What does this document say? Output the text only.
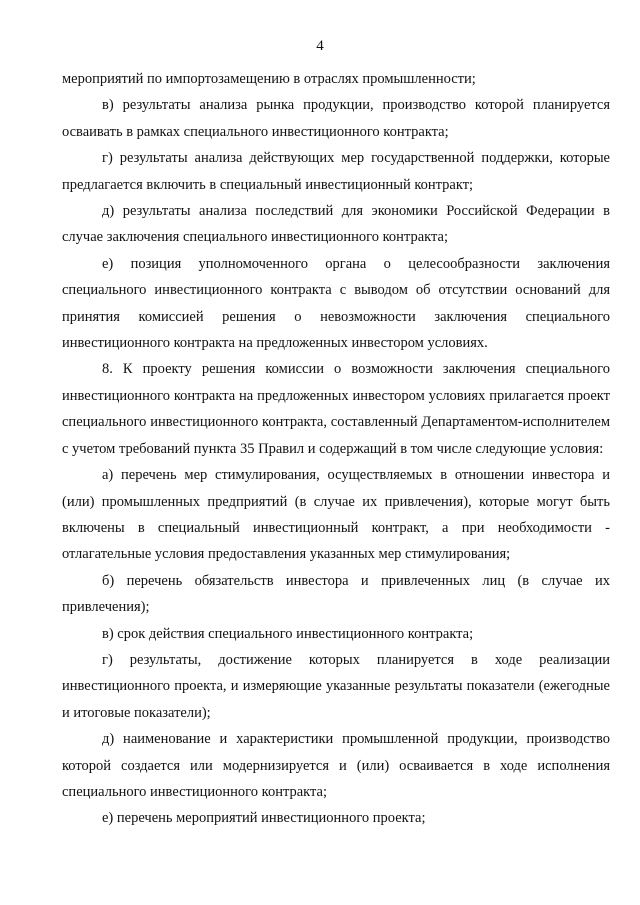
4

мероприятий по импортозамещению в отраслях промышленности;

в) результаты анализа рынка продукции, производство которой планируется осваивать в рамках специального инвестиционного контракта;

г) результаты анализа действующих мер государственной поддержки, которые предлагается включить в специальный инвестиционный контракт;

д) результаты анализа последствий для экономики Российской Федерации в случае заключения специального инвестиционного контракта;

е) позиция уполномоченного органа о целесообразности заключения специального инвестиционного контракта с выводом об отсутствии оснований для принятия комиссией решения о невозможности заключения специального инвестиционного контракта на предложенных инвестором условиях.

8. К проекту решения комиссии о возможности заключения специального инвестиционного контракта на предложенных инвестором условиях прилагается проект специального инвестиционного контракта, составленный Департаментом-исполнителем с учетом требований пункта 35 Правил и содержащий в том числе следующие условия:

а) перечень мер стимулирования, осуществляемых в отношении инвестора и (или) промышленных предприятий (в случае их привлечения), которые могут быть включены в специальный инвестиционный контракт, а при необходимости - отлагательные условия предоставления указанных мер стимулирования;

б) перечень обязательств инвестора и привлеченных лиц (в случае их привлечения);

в) срок действия специального инвестиционного контракта;

г) результаты, достижение которых планируется в ходе реализации инвестиционного проекта, и измеряющие указанные результаты показатели (ежегодные и итоговые показатели);

д) наименование и характеристики промышленной продукции, производство которой создается или модернизируется и (или) осваивается в ходе исполнения специального инвестиционного контракта;

е) перечень мероприятий инвестиционного проекта;
